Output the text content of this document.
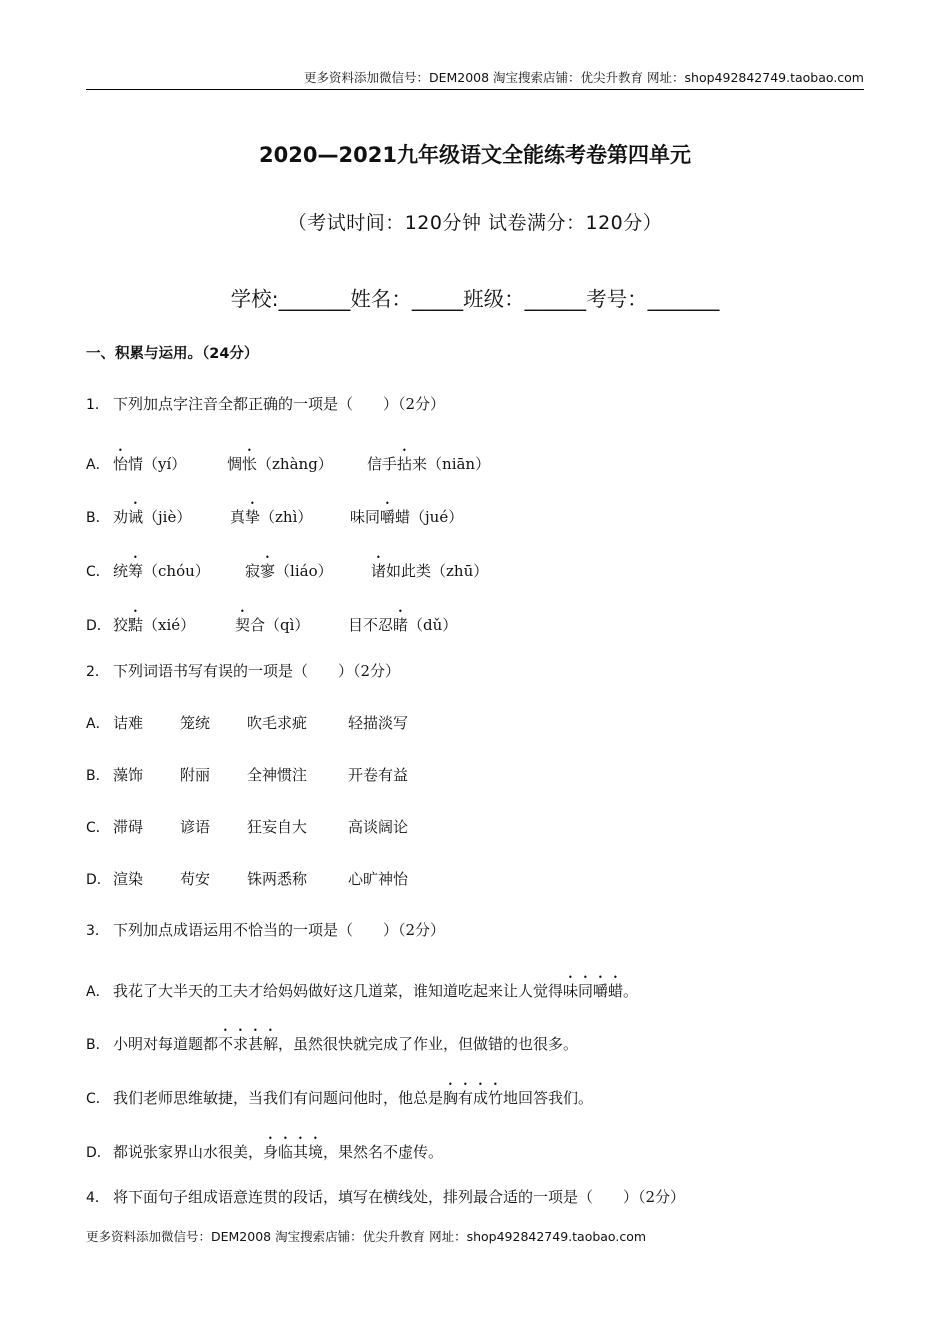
更多资料添加微信号：DEM2008 淘宝搜索店铺：优尖升教育 网址：shop492842749.taobao.com
2020—2021九年级语文全能练考卷第四单元
（考试时间：120分钟 试卷满分：120分）
学校:_______姓名：_____班级：______考号：_______
一、积累与运用。（24分）
1． 下列加点字注音全都正确的一项是（　　）（2分）
A． 怡情（yí）	惆怅（zhàng） 信手拈来（niān）
B． 劝诫（jiè）	真挚（zhì）	味同嚼蜡（jué）
C． 统筹（chóu） 寂寥（liáo）	诸如此类（zhū）
D． 狡黠（xié）	契合（qì）	目不忍睹（dǔ）
2． 下列词语书写有误的一项是（　　）（2分）
A． 诘难 笼统 吹毛求疵	轻描淡写
B． 藻饰 附丽 全神惯注	开卷有益
C． 滞碍 谚语 狂妄自大	高谈阔论
D． 渲染 苟安 铢两悉称	心旷神怡
3． 下列加点成语运用不恰当的一项是（　　）（2分）
A． 我花了大半天的工夫才给妈妈做好这几道菜，谁知道吃起来让人觉得味同嚼蜡。
B． 小明对每道题都不求甚解，虽然很快就完成了作业，但做错的也很多。
C． 我们老师思维敏捷，当我们有问题问他时，他总是胸有成竹地回答我们。
D． 都说张家界山水很美，身临其境，果然名不虚传。
4． 将下面句子组成语意连贯的段话，填写在横线处，排列最合适的一项是（　　）（2分）
更多资料添加微信号：DEM2008 淘宝搜索店铺：优尖升教育 网址：shop492842749.taobao.com
